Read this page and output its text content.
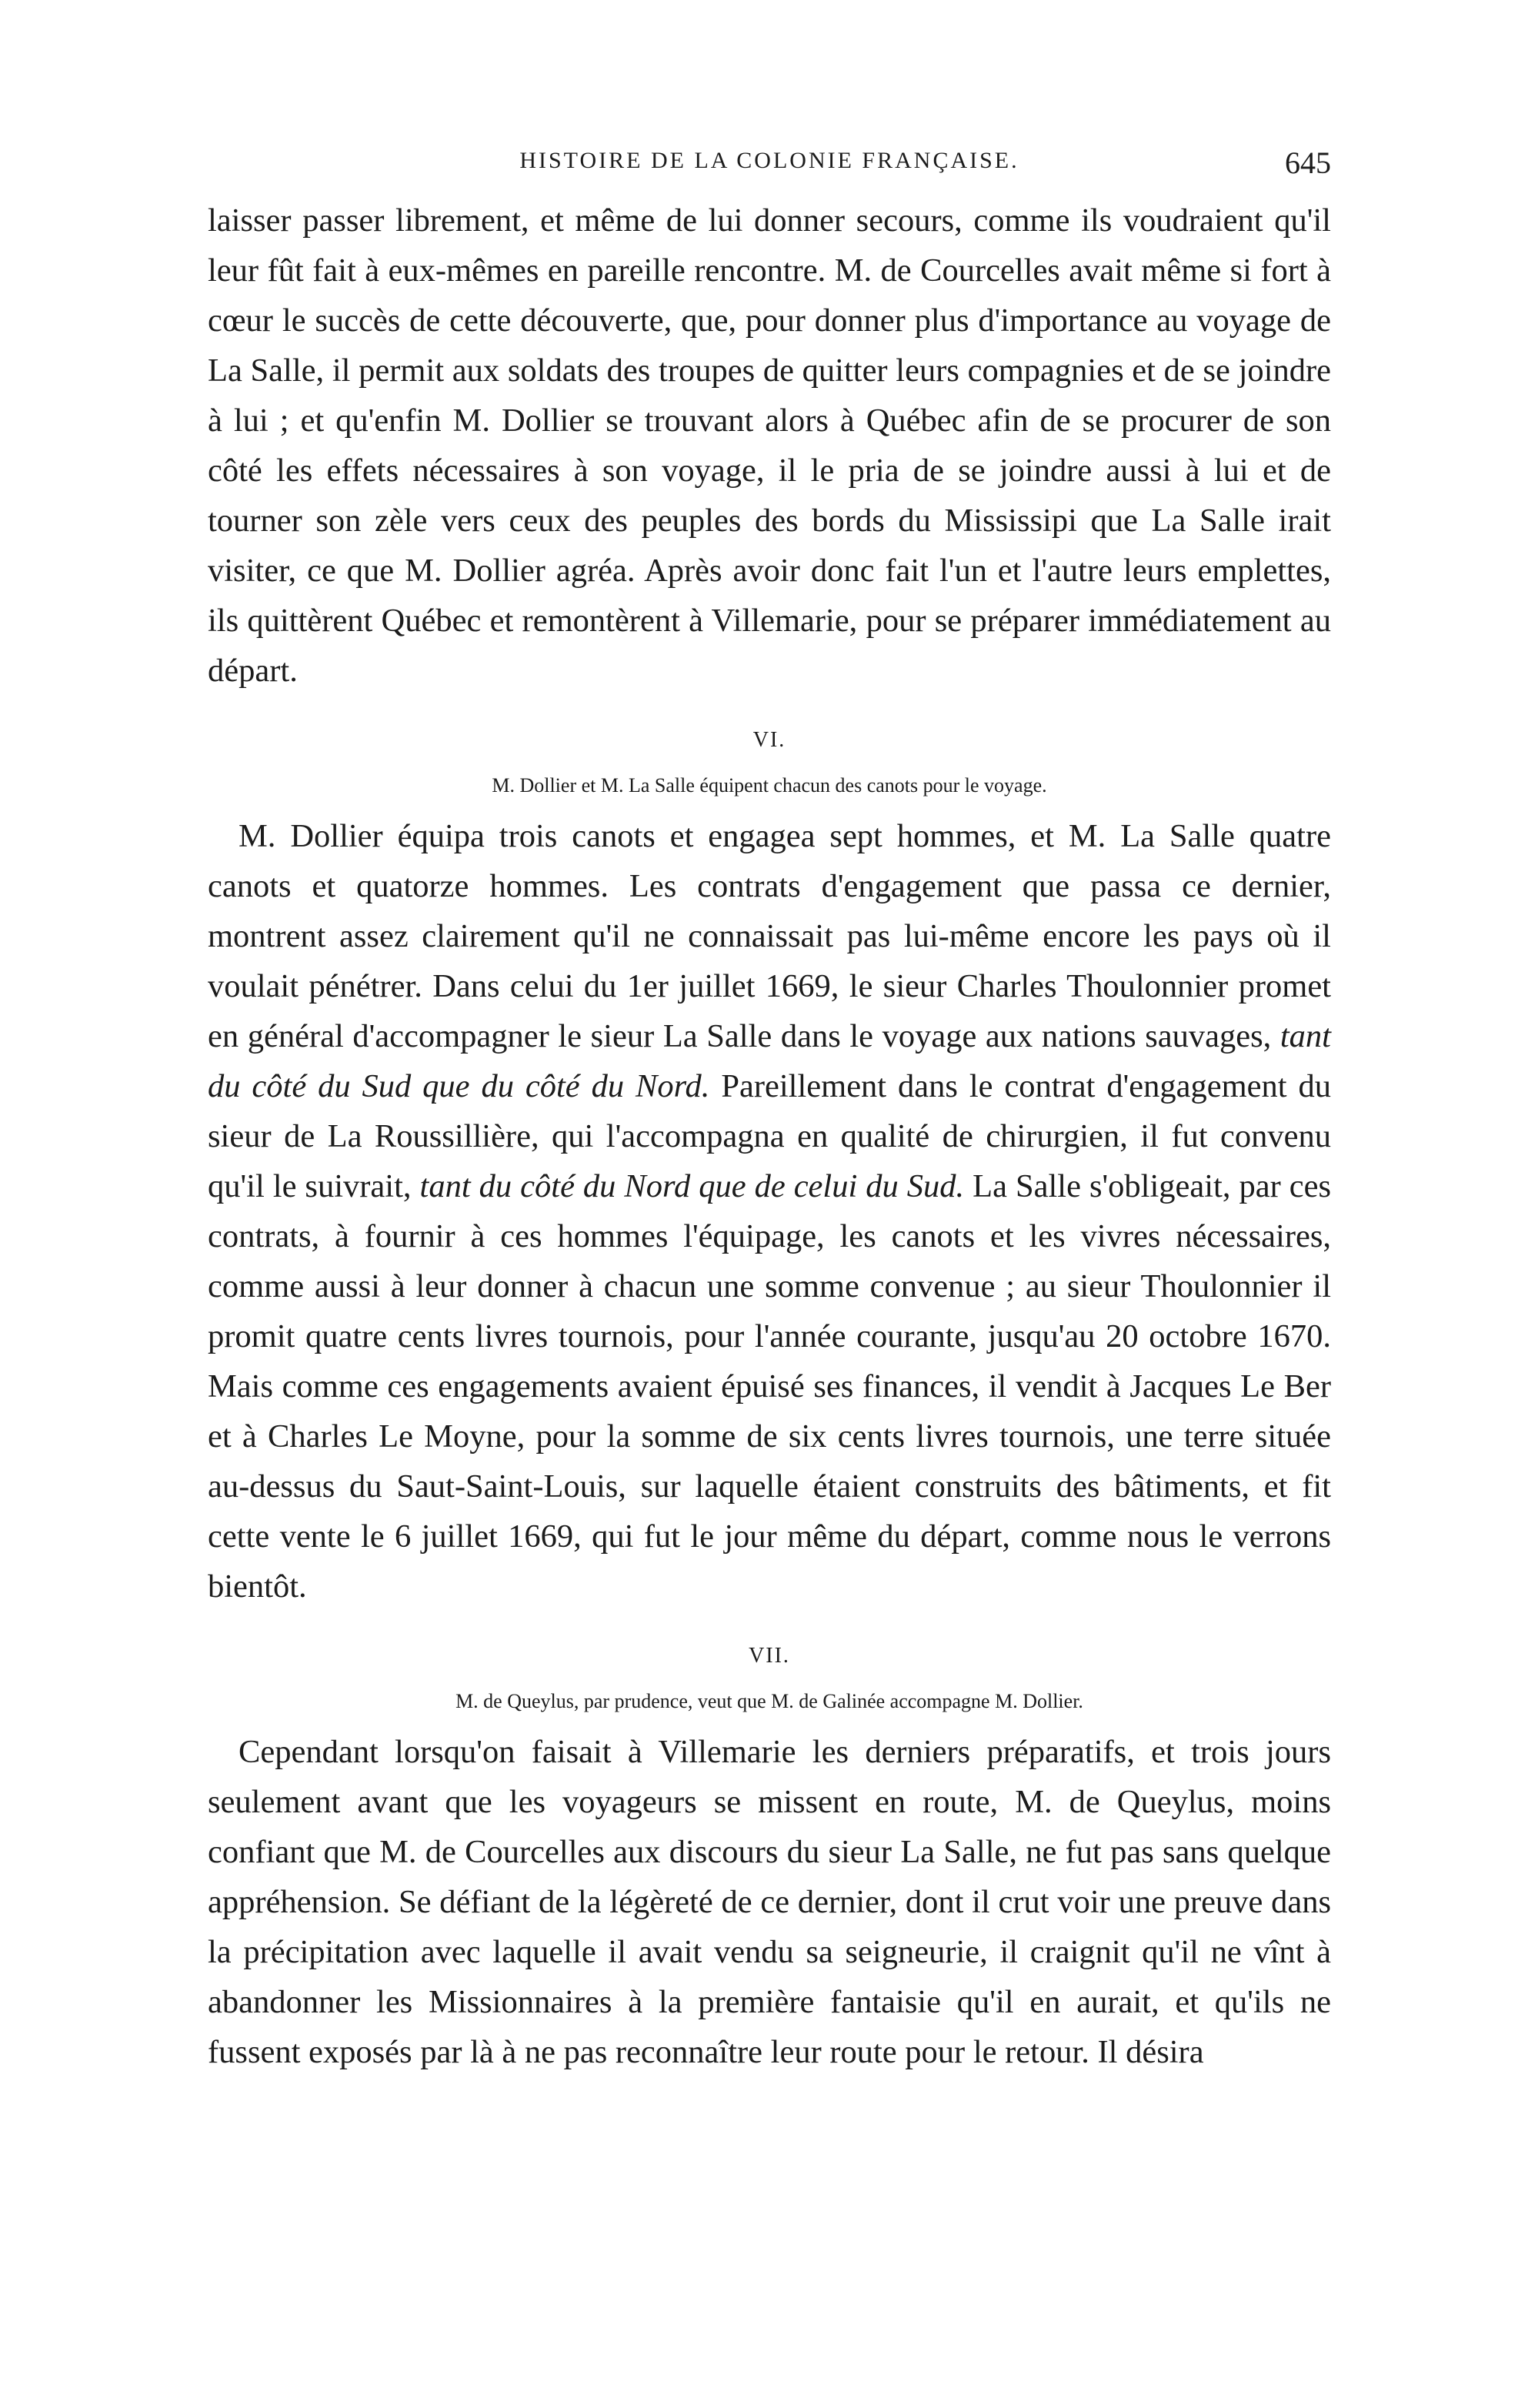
HISTOIRE DE LA COLONIE FRANÇAISE.	645

laisser passer librement, et même de lui donner secours, comme ils voudraient qu'il leur fût fait à eux-mêmes en pareille rencontre. M. de Courcelles avait même si fort à cœur le succès de cette découverte, que, pour donner plus d'importance au voyage de La Salle, il permit aux soldats des troupes de quitter leurs compagnies et de se joindre à lui ; et qu'enfin M. Dollier se trouvant alors à Québec afin de se procurer de son côté les effets nécessaires à son voyage, il le pria de se joindre aussi à lui et de tourner son zèle vers ceux des peuples des bords du Mississipi que La Salle irait visiter, ce que M. Dollier agréa. Après avoir donc fait l'un et l'autre leurs emplettes, ils quittèrent Québec et remontèrent à Villemarie, pour se préparer immédiatement au départ.

VI.
M. Dollier et M. La Salle équipent chacun des canots pour le voyage.

M. Dollier équipa trois canots et engagea sept hommes, et M. La Salle quatre canots et quatorze hommes. Les contrats d'engagement que passa ce dernier, montrent assez clairement qu'il ne connaissait pas lui-même encore les pays où il voulait pénétrer. Dans celui du 1er juillet 1669, le sieur Charles Thoulonnier promet en général d'accompagner le sieur La Salle dans le voyage aux nations sauvages, tant du côté du Sud que du côté du Nord. Pareillement dans le contrat d'engagement du sieur de La Roussillière, qui l'accompagna en qualité de chirurgien, il fut convenu qu'il le suivrait, tant du côté du Nord que de celui du Sud. La Salle s'obligeait, par ces contrats, à fournir à ces hommes l'équipage, les canots et les vivres nécessaires, comme aussi à leur donner à chacun une somme convenue ; au sieur Thoulonnier il promit quatre cents livres tournois, pour l'année courante, jusqu'au 20 octobre 1670. Mais comme ces engagements avaient épuisé ses finances, il vendit à Jacques Le Ber et à Charles Le Moyne, pour la somme de six cents livres tournois, une terre située au-dessus du Saut-Saint-Louis, sur laquelle étaient construits des bâtiments, et fit cette vente le 6 juillet 1669, qui fut le jour même du départ, comme nous le verrons bientôt.

VII.
M. de Queylus, par prudence, veut que M. de Galinée accompagne M. Dollier.

Cependant lorsqu'on faisait à Villemarie les derniers préparatifs, et trois jours seulement avant que les voyageurs se missent en route, M. de Queylus, moins confiant que M. de Courcelles aux discours du sieur La Salle, ne fut pas sans quelque appréhension. Se défiant de la légèreté de ce dernier, dont il crut voir une preuve dans la précipitation avec laquelle il avait vendu sa seigneurie, il craignit qu'il ne vînt à abandonner les Missionnaires à la première fantaisie qu'il en aurait, et qu'ils ne fussent exposés par là à ne pas reconnaître leur route pour le retour. Il désira
